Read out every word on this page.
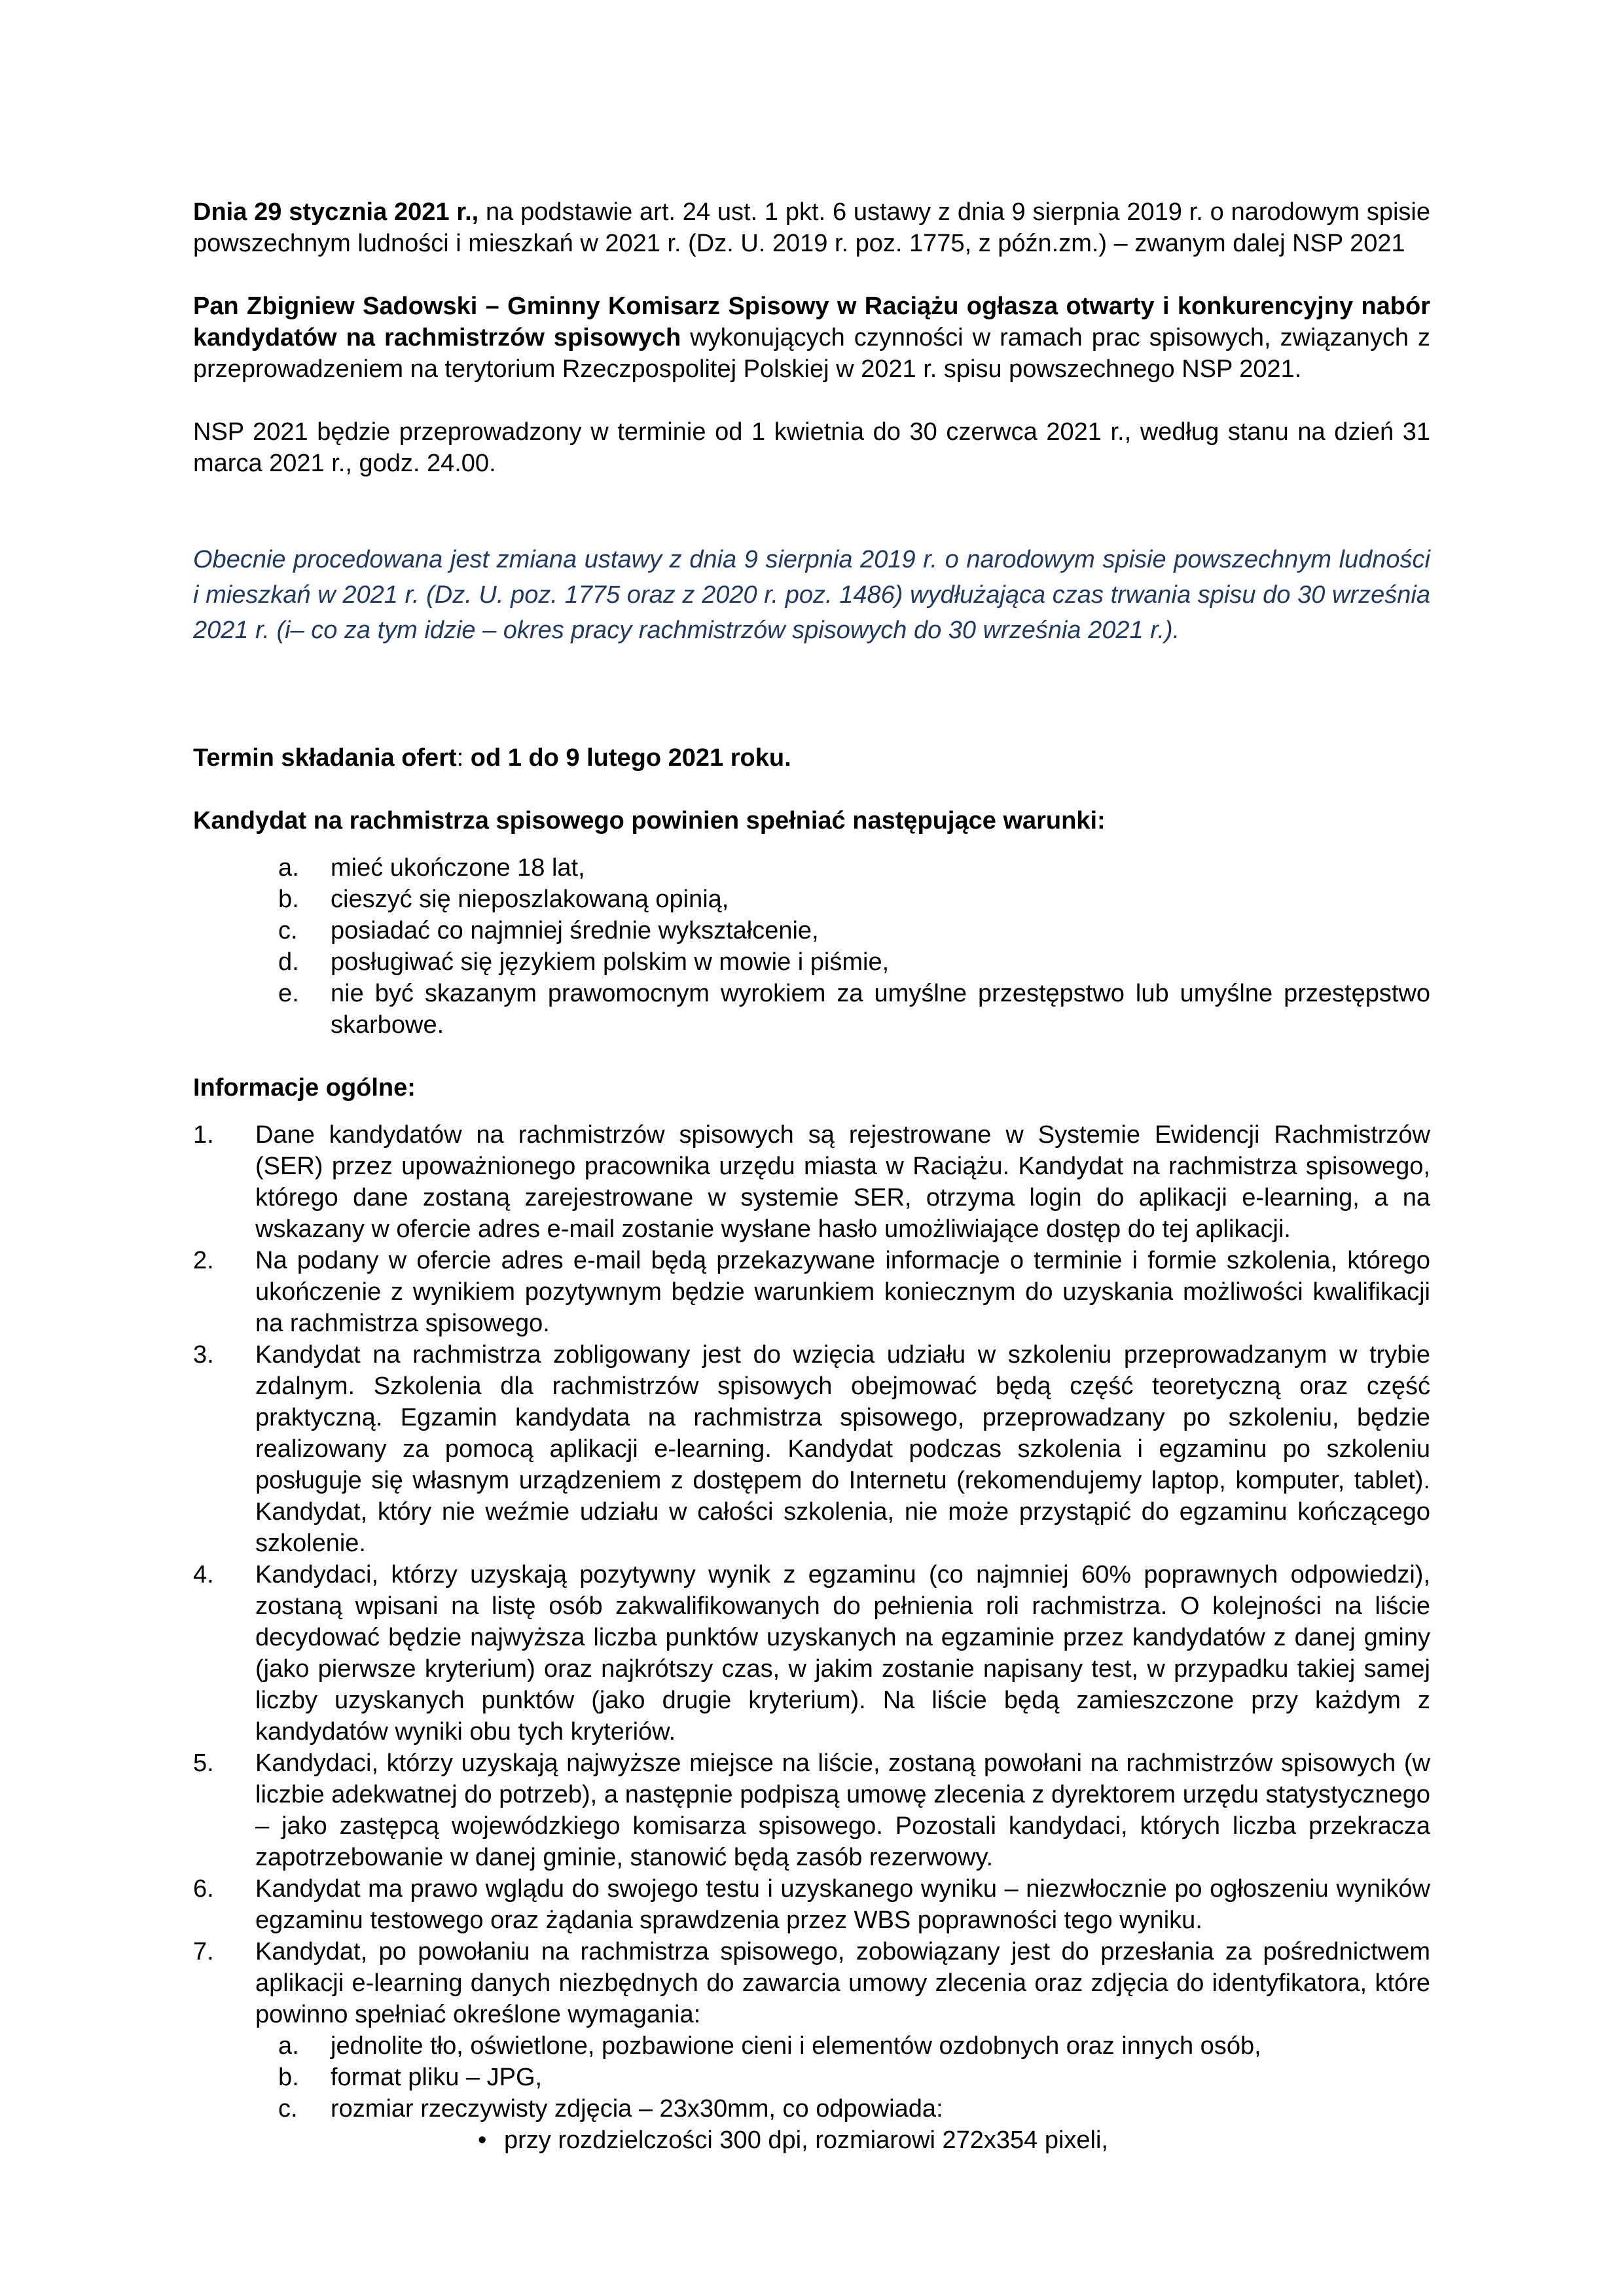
Dnia 29 stycznia 2021 r., na podstawie art. 24 ust. 1 pkt. 6 ustawy z dnia 9 sierpnia 2019 r. o narodowym spisie powszechnym ludności i mieszkań w 2021 r. (Dz. U. 2019 r. poz. 1775, z późn.zm.) – zwanym dalej NSP 2021

Pan Zbigniew Sadowski – Gminny Komisarz Spisowy w Raciążu ogłasza otwarty i konkurencyjny nabór kandydatów na rachmistrzów spisowych wykonujących czynności w ramach prac spisowych, związanych z przeprowadzeniem na terytorium Rzeczpospolitej Polskiej w 2021 r. spisu powszechnego NSP 2021.

NSP 2021 będzie przeprowadzony w terminie od 1 kwietnia do 30 czerwca 2021 r., według stanu na dzień 31 marca 2021 r., godz. 24.00.

Obecnie procedowana jest zmiana ustawy z dnia 9 sierpnia 2019 r. o narodowym spisie powszechnym ludności i mieszkań w 2021 r. (Dz. U. poz. 1775 oraz z 2020 r. poz. 1486) wydłużająca czas trwania spisu do 30 września 2021 r. (i– co za tym idzie – okres pracy rachmistrzów spisowych do 30 września 2021 r.).

Termin składania ofert: od 1 do 9 lutego 2021 roku.

Kandydat na rachmistrza spisowego powinien spełniać następujące warunki:

a. mieć ukończone 18 lat,
b. cieszyć się nieposzlakowaną opinią,
c. posiadać co najmniej średnie wykształcenie,
d. posługiwać się językiem polskim w mowie i piśmie,
e. nie być skazanym prawomocnym wyrokiem za umyślne przestępstwo lub umyślne przestępstwo skarbowe.

Informacje ogólne:

1. Dane kandydatów na rachmistrzów spisowych są rejestrowane w Systemie Ewidencji Rachmistrzów (SER) przez upoważnionego pracownika urzędu miasta w Raciążu. Kandydat na rachmistrza spisowego, którego dane zostaną zarejestrowane w systemie SER, otrzyma login do aplikacji e-learning, a na wskazany w ofercie adres e-mail zostanie wysłane hasło umożliwiające dostęp do tej aplikacji.
2. Na podany w ofercie adres e-mail będą przekazywane informacje o terminie i formie szkolenia, którego ukończenie z wynikiem pozytywnym będzie warunkiem koniecznym do uzyskania możliwości kwalifikacji na rachmistrza spisowego.
3. Kandydat na rachmistrza zobligowany jest do wzięcia udziału w szkoleniu przeprowadzanym w trybie zdalnym. Szkolenia dla rachmistrzów spisowych obejmować będą część teoretyczną oraz część praktyczną. Egzamin kandydata na rachmistrza spisowego, przeprowadzany po szkoleniu, będzie realizowany za pomocą aplikacji e-learning. Kandydat podczas szkolenia i egzaminu po szkoleniu posługuje się własnym urządzeniem z dostępem do Internetu (rekomendujemy laptop, komputer, tablet). Kandydat, który nie weźmie udziału w całości szkolenia, nie może przystąpić do egzaminu kończącego szkolenie.
4. Kandydaci, którzy uzyskają pozytywny wynik z egzaminu (co najmniej 60% poprawnych odpowiedzi), zostaną wpisani na listę osób zakwalifikowanych do pełnienia roli rachmistrza. O kolejności na liście decydować będzie najwyższa liczba punktów uzyskanych na egzaminie przez kandydatów z danej gminy (jako pierwsze kryterium) oraz najkrótszy czas, w jakim zostanie napisany test, w przypadku takiej samej liczby uzyskanych punktów (jako drugie kryterium). Na liście będą zamieszczone przy każdym z kandydatów wyniki obu tych kryteriów.
5. Kandydaci, którzy uzyskają najwyższe miejsce na liście, zostaną powołani na rachmistrzów spisowych (w liczbie adekwatnej do potrzeb), a następnie podpiszą umowę zlecenia z dyrektorem urzędu statystycznego – jako zastępcą wojewódzkiego komisarza spisowego. Pozostali kandydaci, których liczba przekracza zapotrzebowanie w danej gminie, stanowić będą zasób rezerwowy.
6. Kandydat ma prawo wglądu do swojego testu i uzyskanego wyniku – niezwłocznie po ogłoszeniu wyników egzaminu testowego oraz żądania sprawdzenia przez WBS poprawności tego wyniku.
7. Kandydat, po powołaniu na rachmistrza spisowego, zobowiązany jest do przesłania za pośrednictwem aplikacji e-learning danych niezbędnych do zawarcia umowy zlecenia oraz zdjęcia do identyfikatora, które powinno spełniać określone wymagania:
a. jednolite tło, oświetlone, pozbawione cieni i elementów ozdobnych oraz innych osób,
b. format pliku – JPG,
c. rozmiar rzeczywisty zdjęcia – 23x30mm, co odpowiada:
• przy rozdzielczości 300 dpi, rozmiarowi 272x354 pixeli,
